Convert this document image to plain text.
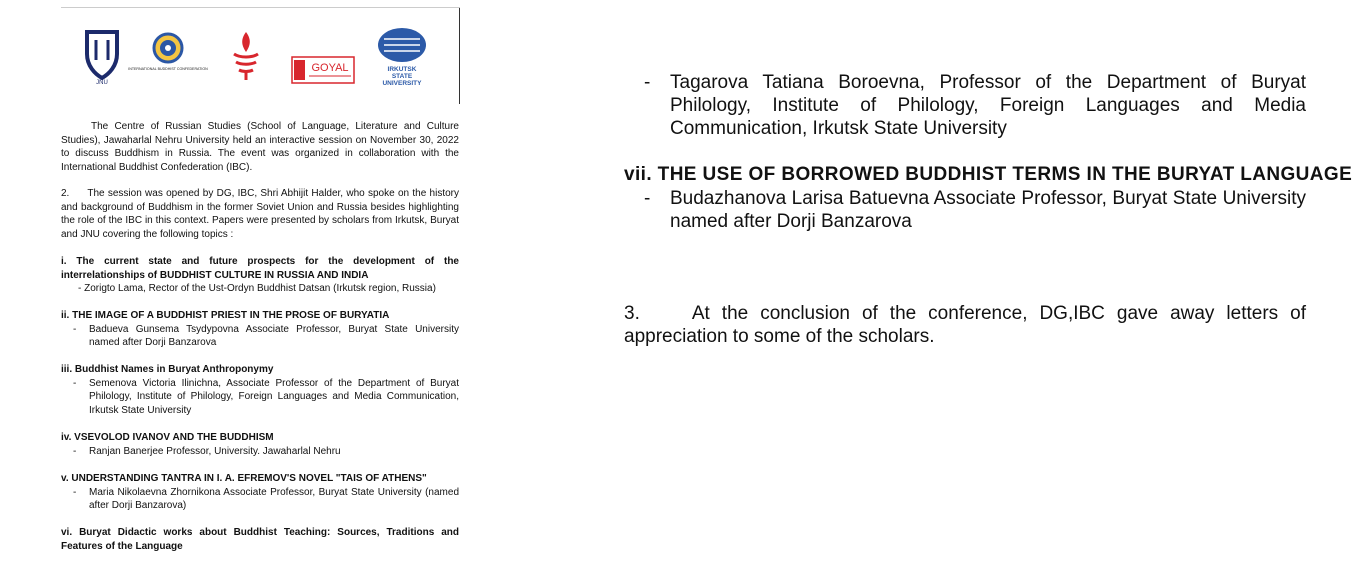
JNU
INTERNATIONAL BUDDHIST CONFEDERATION	GOYAL	IRKUTSK
STATE
UNIVERSITY
The Centre of Russian Studies (School of Language, Literature and Culture Studies), Jawaharlal Nehru University held an interactive session on November 30, 2022 to discuss Buddhism in Russia. The event was organized in collaboration with the International Buddhist Confederation (IBC).
2. The session was opened by DG, IBC, Shri Abhijit Halder, who spoke on the history and background of Buddhism in the former Soviet Union and Russia besides highlighting the role of the IBC in this context. Papers were presented by scholars from Irkutsk, Buryat and JNU covering the following topics :
i. The current state and future prospects for the development of the interrelationships of BUDDHIST CULTURE IN RUSSIA AND INDIA
- Zorigto Lama, Rector of the Ust-Ordyn Buddhist Datsan (Irkutsk region, Russia)
ii. THE IMAGE OF A BUDDHIST PRIEST IN THE PROSE OF BURYATIA
- Badueva Gunsema Tsydypovna Associate Professor, Buryat State University named after Dorji Banzarova
iii. Buddhist Names in Buryat Anthroponymy
- Semenova Victoria Ilinichna, Associate Professor of the Department of Buryat Philology, Institute of Philology, Foreign Languages and Media Communication, Irkutsk State University
iv. VSEVOLOD IVANOV AND THE BUDDHISM
- Ranjan Banerjee Professor, University. Jawaharlal Nehru
v. UNDERSTANDING TANTRA IN I. A. EFREMOV'S NOVEL "TAIS OF ATHENS"
- Maria Nikolaevna Zhornikona Associate Professor, Buryat State University (named after Dorji Banzarova)
vi. Buryat Didactic works about Buddhist Teaching: Sources, Traditions and Features of the Language
- Tagarova Tatiana Boroevna, Professor of the Department of Buryat Philology, Institute of Philology, Foreign Languages and Media Communication, Irkutsk State University
vii. THE USE OF BORROWED BUDDHIST TERMS IN THE BURYAT LANGUAGE
- Budazhanova Larisa Batuevna Associate Professor, Buryat State University named after Dorji Banzarova
3.	At the conclusion of the conference, DG,IBC gave away letters of appreciation to some of the scholars.
